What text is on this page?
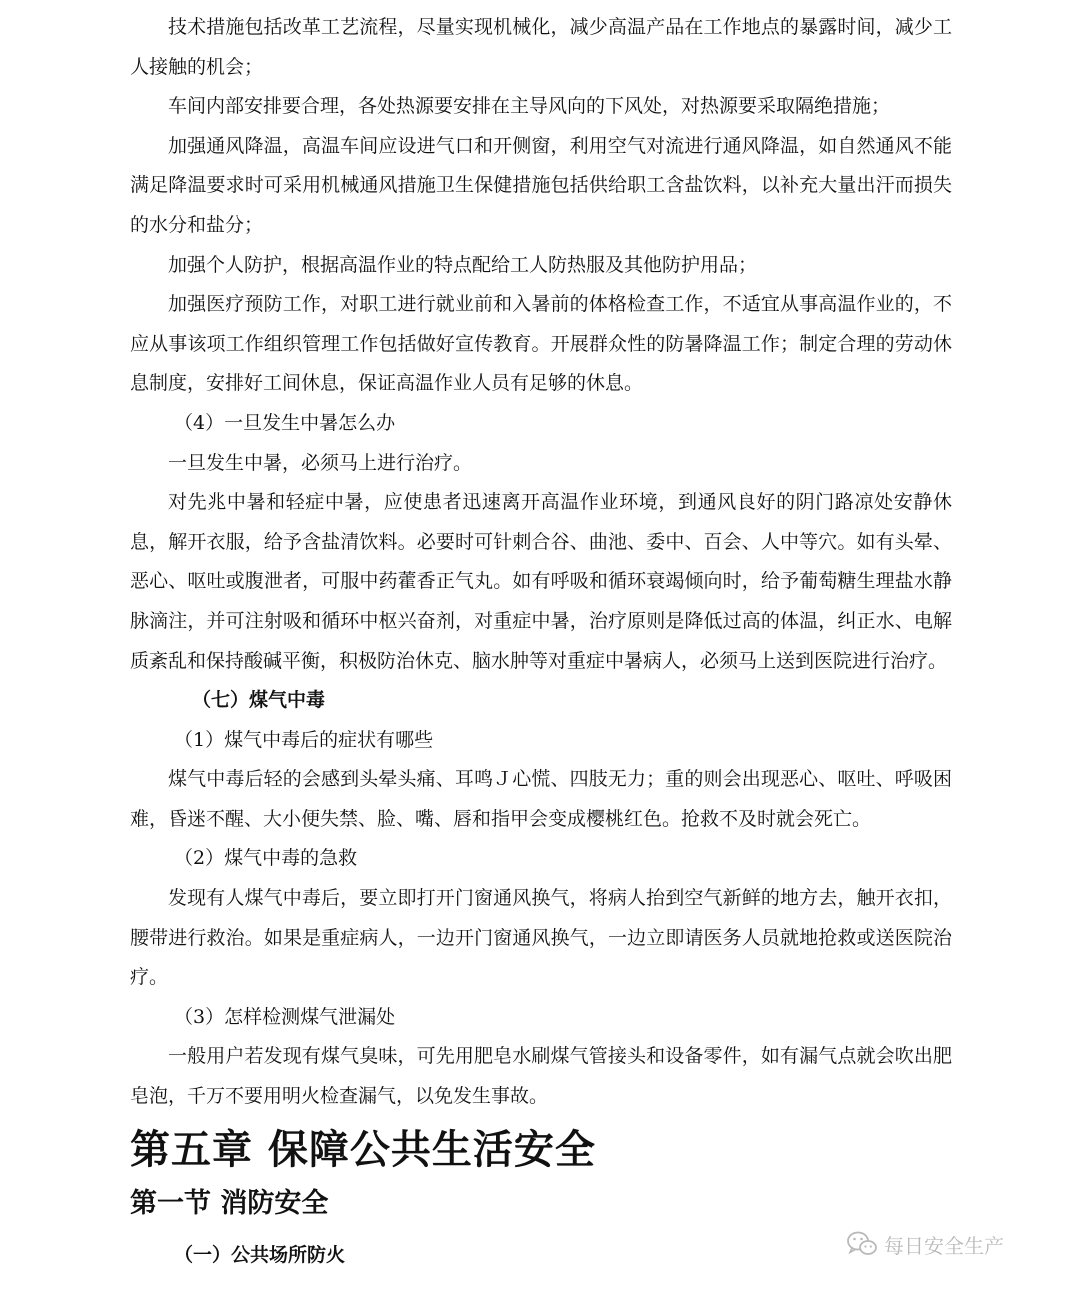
技术措施包括改革工艺流程，尽量实现机械化，减少高温产品在工作地点的暴露时间，减少工人接触的机会；

车间内部安排要合理，各处热源要安排在主导风向的下风处，对热源要采取隔绝措施；

加强通风降温，高温车间应设进气口和开侧窗，利用空气对流进行通风降温，如自然通风不能满足降温要求时可采用机械通风措施卫生保健措施包括供给职工含盐饮料，以补充大量出汗而损失的水分和盐分；

加强个人防护，根据高温作业的特点配给工人防热服及其他防护用品；

加强医疗预防工作，对职工进行就业前和入暑前的体格检查工作，不适宜从事高温作业的，不应从事该项工作组织管理工作包括做好宣传教育。开展群众性的防暑降温工作；制定合理的劳动休息制度，安排好工间休息，保证高温作业人员有足够的休息。

（4）一旦发生中暑怎么办

一旦发生中暑，必须马上进行治疗。

对先兆中暑和轻症中暑，应使患者迅速离开高温作业环境，到通风良好的阴门路凉处安静休息，解开衣服，给予含盐清饮料。必要时可针刺合谷、曲池、委中、百会、人中等穴。如有头晕、恶心、呕吐或腹泄者，可服中药藿香正气丸。如有呼吸和循环衰竭倾向时，给予葡萄糖生理盐水静脉滴注，并可注射吸和循环中枢兴奋剂，对重症中暑，治疗原则是降低过高的体温，纠正水、电解质紊乱和保持酸碱平衡，积极防治休克、脑水肿等对重症中暑病人，必须马上送到医院进行治疗。

（七）煤气中毒

（1）煤气中毒后的症状有哪些

煤气中毒后轻的会感到头晕头痛、耳鸣Ｊ心慌、四肢无力；重的则会出现恶心、呕吐、呼吸困难，昏迷不醒、大小便失禁、脸、嘴、唇和指甲会变成樱桃红色。抢救不及时就会死亡。

（2）煤气中毒的急救

发现有人煤气中毒后，要立即打开门窗通风换气，将病人抬到空气新鲜的地方去，触开衣扣，腰带进行救治。如果是重症病人，一边开门窗通风换气，一边立即请医务人员就地抢救或送医院治疗。

（3）怎样检测煤气泄漏处

一般用户若发现有煤气臭味，可先用肥皂水刷煤气管接头和设备零件，如有漏气点就会吹出肥皂泡，千万不要用明火检查漏气，以免发生事故。

第五章 保障公共生活安全
第一节 消防安全
（一）公共场所防火	每日安全生产
